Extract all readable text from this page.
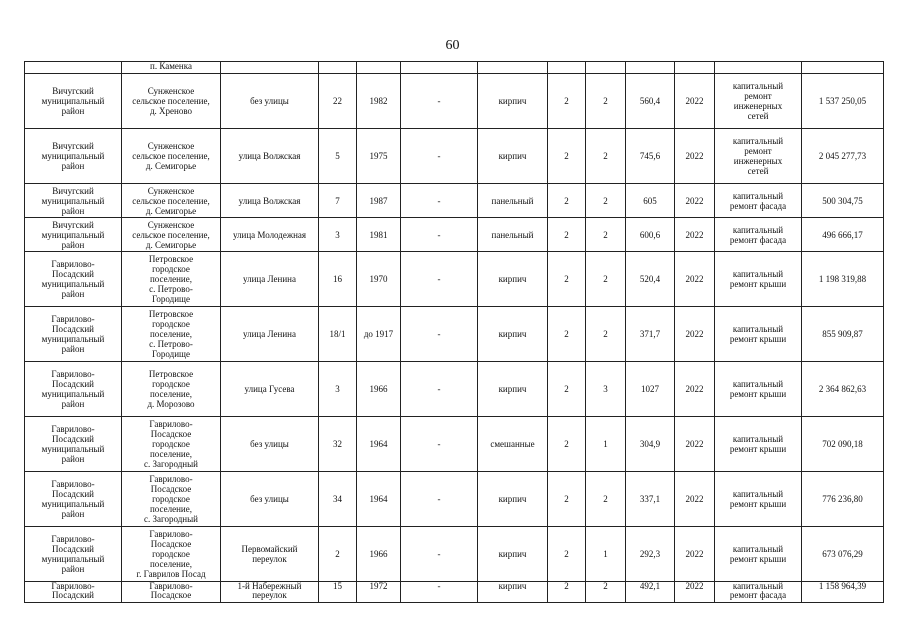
60
	п. Каменка											
Вичугский
муниципальный
район	Сунженское
сельское поселение,
д. Хреново	без улицы	22	1982	-	кирпич	2	2	560,4	2022	капитальный
ремонт
инженерных
сетей	1 537 250,05
Вичугский
муниципальный
район	Сунженское
сельское поселение,
д. Семигорье	улица Волжская	5	1975	-	кирпич	2	2	745,6	2022	капитальный
ремонт
инженерных
сетей	2 045 277,73
Вичугский
муниципальный
район	Сунженское
сельское поселение,
д. Семигорье	улица Волжская	7	1987	-	панельный	2	2	605	2022	капитальный
ремонт фасада	500 304,75
Вичугский
муниципальный
район	Сунженское
сельское поселение,
д. Семигорье	улица Молодежная	3	1981	-	панельный	2	2	600,6	2022	капитальный
ремонт фасада	496 666,17
Гаврилово-
Посадский
муниципальный
район	Петровское
городское
поселение,
с. Петрово-
Городище	улица Ленина	16	1970	-	кирпич	2	2	520,4	2022	капитальный
ремонт крыши	1 198 319,88
Гаврилово-
Посадский
муниципальный
район	Петровское
городское
поселение,
с. Петрово-
Городище	улица Ленина	18/1	до 1917	-	кирпич	2	2	371,7	2022	капитальный
ремонт крыши	855 909,87
Гаврилово-
Посадский
муниципальный
район	Петровское
городское
поселение,
д. Морозово	улица Гусева	3	1966	-	кирпич	2	3	1027	2022	капитальный
ремонт крыши	2 364 862,63
Гаврилово-
Посадский
муниципальный
район	Гаврилово-
Посадское
городское
поселение,
с. Загородный	без улицы	32	1964	-	смешанные	2	1	304,9	2022	капитальный
ремонт крыши	702 090,18
Гаврилово-
Посадский
муниципальный
район	Гаврилово-
Посадское
городское
поселение,
с. Загородный	без улицы	34	1964	-	кирпич	2	2	337,1	2022	капитальный
ремонт крыши	776 236,80
Гаврилово-
Посадский
муниципальный
район	Гаврилово-
Посадское
городское
поселение,
г. Гаврилов Посад	Первомайский
переулок	2	1966	-	кирпич	2	1	292,3	2022	капитальный
ремонт крыши	673 076,29
Гаврилово-
Посадский	Гаврилово-
Посадское	1-й Набережный
переулок	15	1972	-	кирпич	2	2	492,1	2022	капитальный
ремонт фасада	1 158 964,39
